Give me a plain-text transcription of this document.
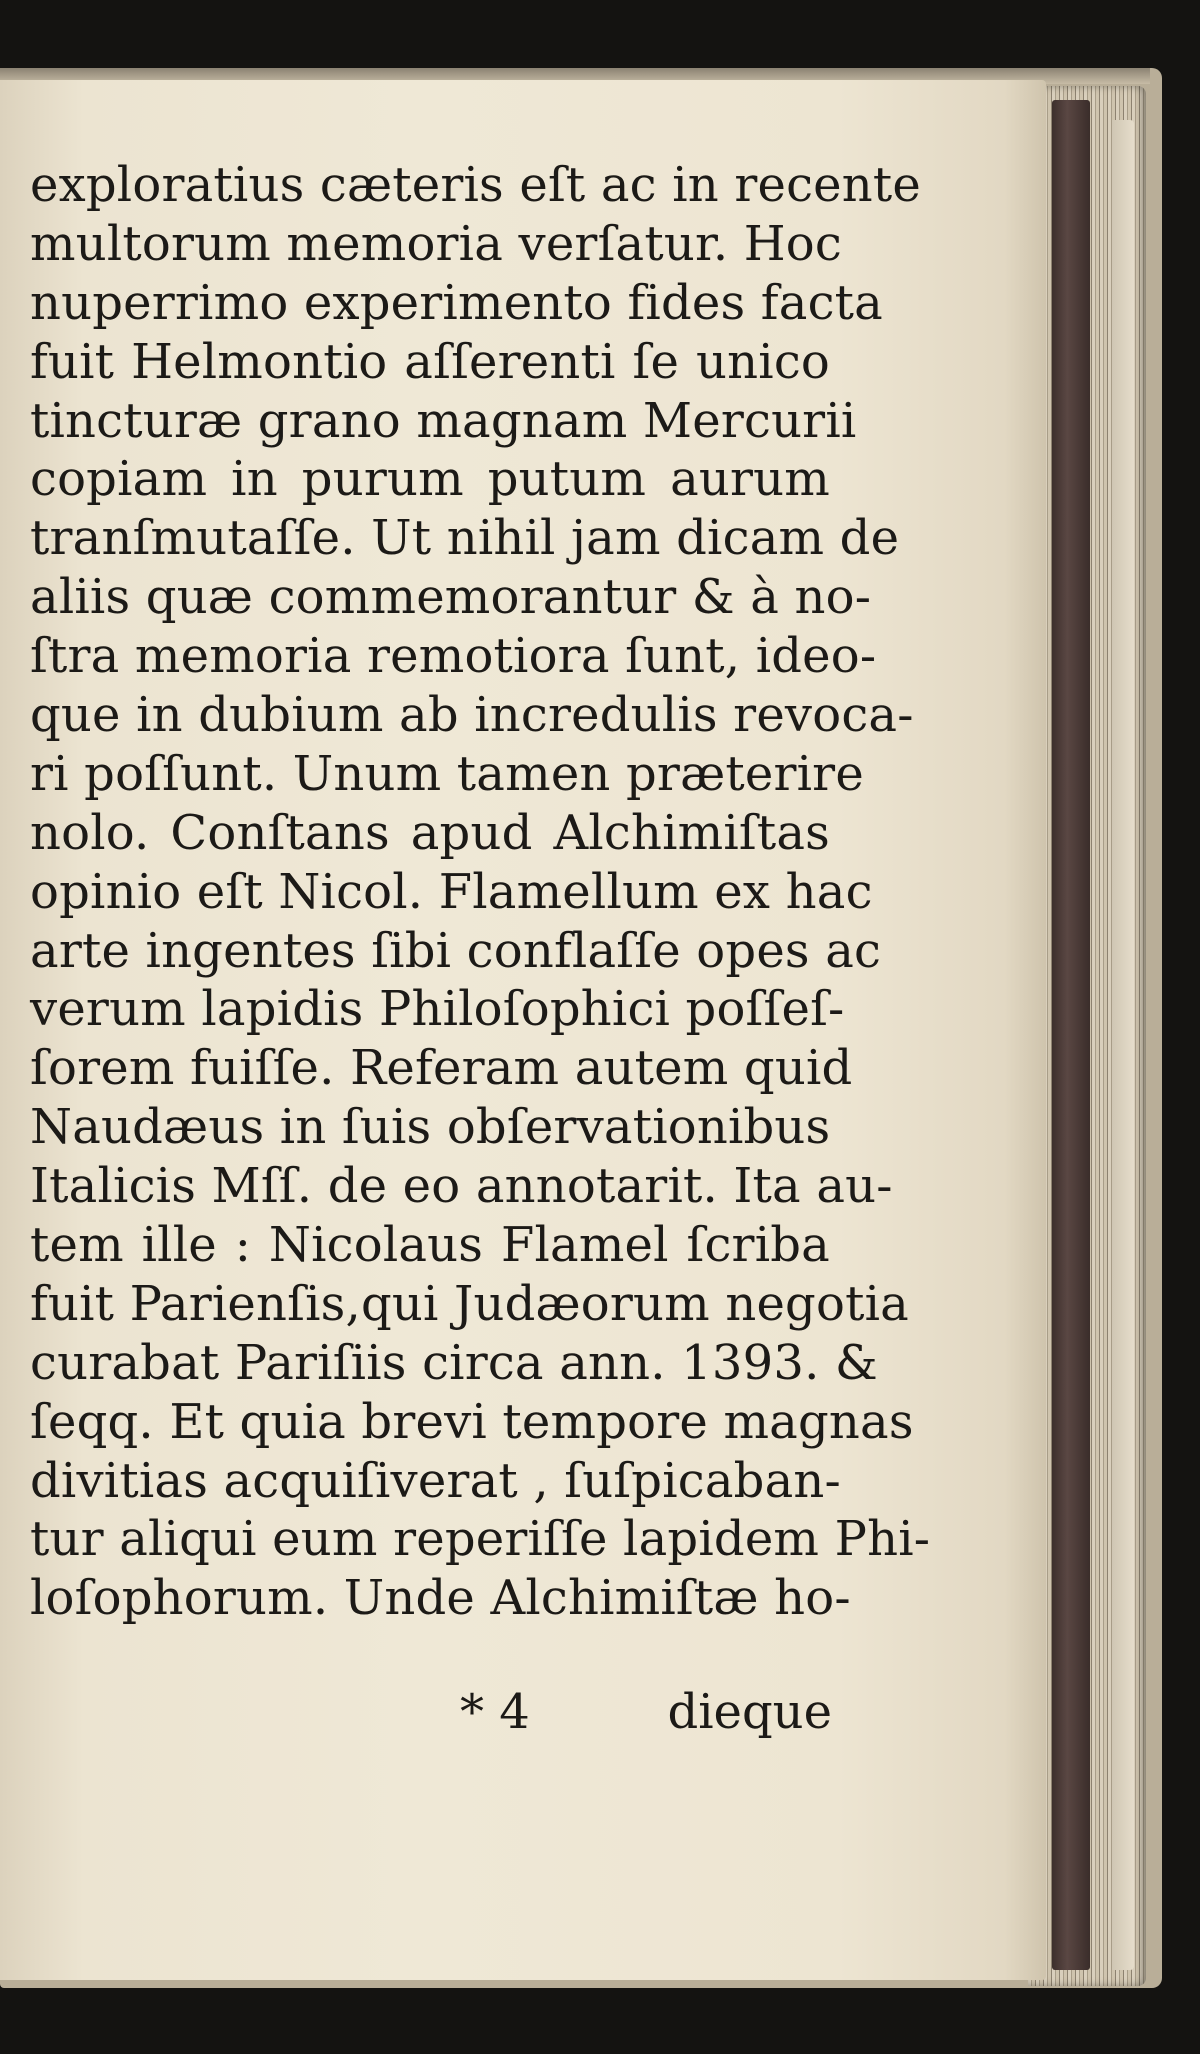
exploratius cæteris eſt ac in recente
multorum memoria verſatur. Hoc
nuperrimo experimento fides facta
fuit Helmontio aſſerenti ſe unico
tincturæ grano magnam Mercurii
copiam in purum putum aurum
tranſmutaſſe. Ut nihil jam dicam de
aliis quæ commemorantur & à no-
ſtra memoria remotiora ſunt, ideo-
que in dubium ab incredulis revoca-
ri poſſunt. Unum tamen præterire
nolo. Conſtans apud Alchimiſtas
opinio eſt Nicol. Flamellum ex hac
arte ingentes ſibi conflaſſe opes ac
verum lapidis Philoſophici poſſeſ-
ſorem fuiſſe. Referam autem quid
Naudæus in ſuis obſervationibus
Italicis Mſſ. de eo annotarit. Ita au-
tem ille : Nicolaus Flamel ſcriba
fuit Parienſis,qui Judæorum negotia
curabat Pariſiis circa ann. 1393. &
ſeqq. Et quia brevi tempore magnas
divitias acquiſiverat , ſuſpicaban-
tur aliqui eum reperiſſe lapidem Phi-
loſophorum. Unde Alchimiſtæ ho-
* 4	dieque
